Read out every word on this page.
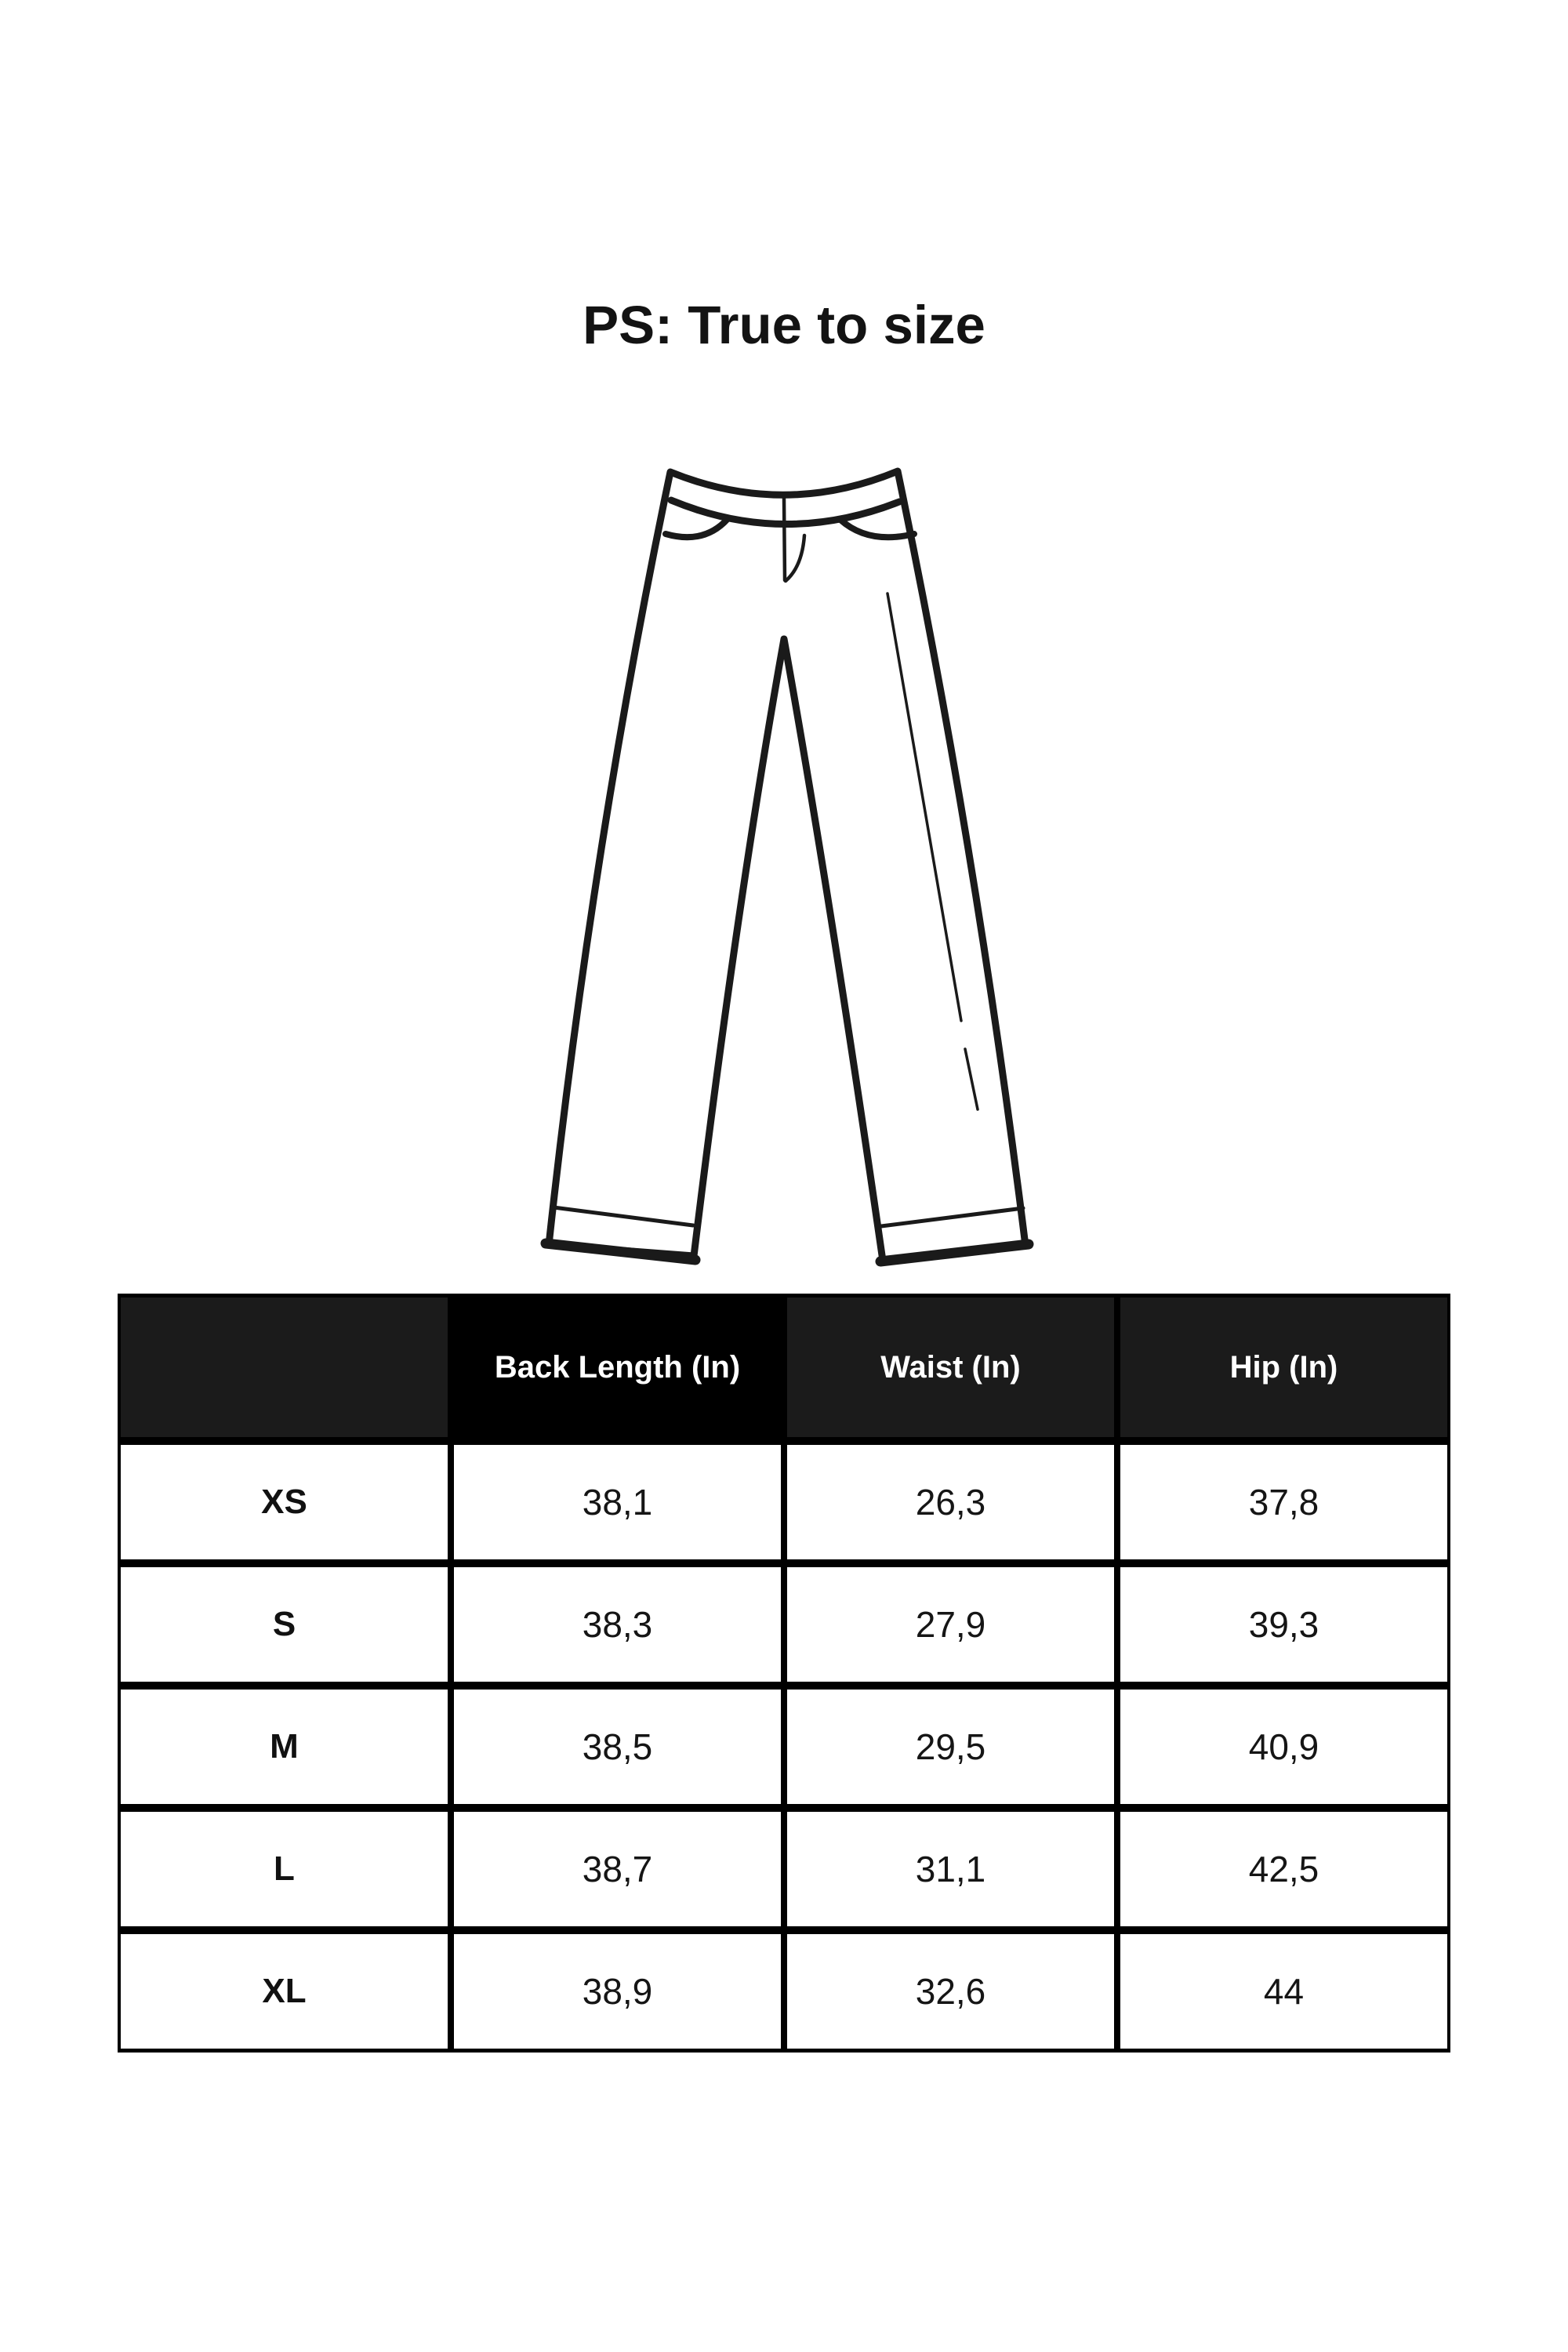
PS: True to size
	Back Length (In)	Waist (In)	Hip (In)
XS	38,1	26,3	37,8
S	38,3	27,9	39,3
M	38,5	29,5	40,9
L	38,7	31,1	42,5
XL	38,9	32,6	44
